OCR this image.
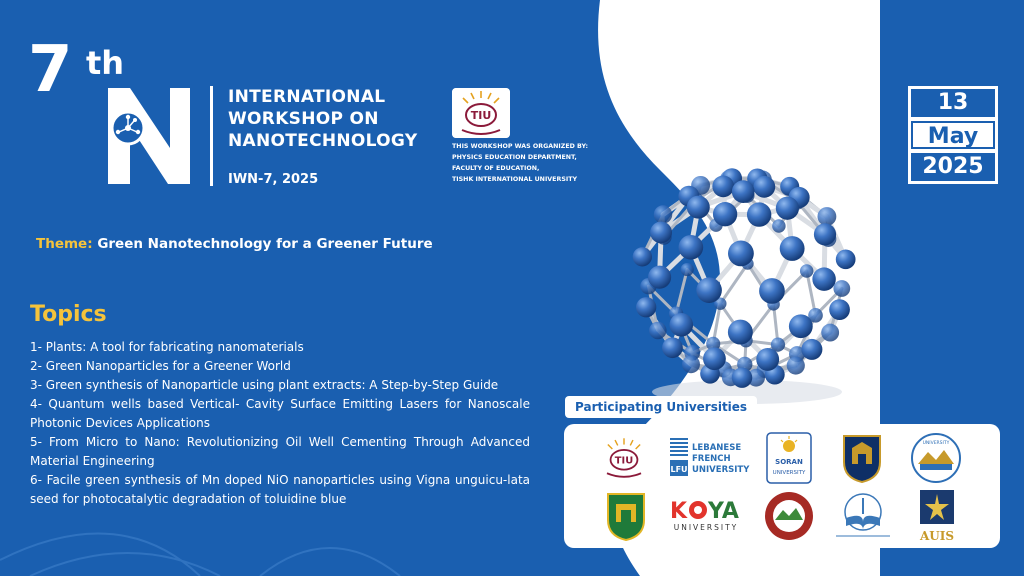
7 th
INTERNATIONAL
WORKSHOP ON
NANOTECHNOLOGY
IWN-7, 2025
TIU
THIS WORKSHOP WAS ORGANIZED BY:
PHYSICS EDUCATION DEPARTMENT,
FACULTY OF EDUCATION,
TISHK INTERNATIONAL UNIVERSITY
13
May
2025
Theme: Green Nanotechnology for a Greener Future
Topics
1- Plants: A tool for fabricating nanomaterials
2- Green Nanoparticles for a Greener World
3- Green synthesis of Nanoparticle using plant extracts: A Step-by-Step Guide
4- Quantum wells based Vertical- Cavity Surface Emitting Lasers for Nanoscale Photonic Devices Applications
5- From Micro to Nano: Revolutionizing Oil Well Cementing Through Advanced Material Engineering
6- Facile green synthesis of Mn doped NiO nanoparticles using Vigna unguicu-lata seed for photocatalytic degradation of toluidine blue
Participating Universities
TIU
LFU
LEBANESE
FRENCH
UNIVERSITY
SORAN
UNIVERSITY
UNIVERSITY
K YA
UNIVERSITY
AUIS
